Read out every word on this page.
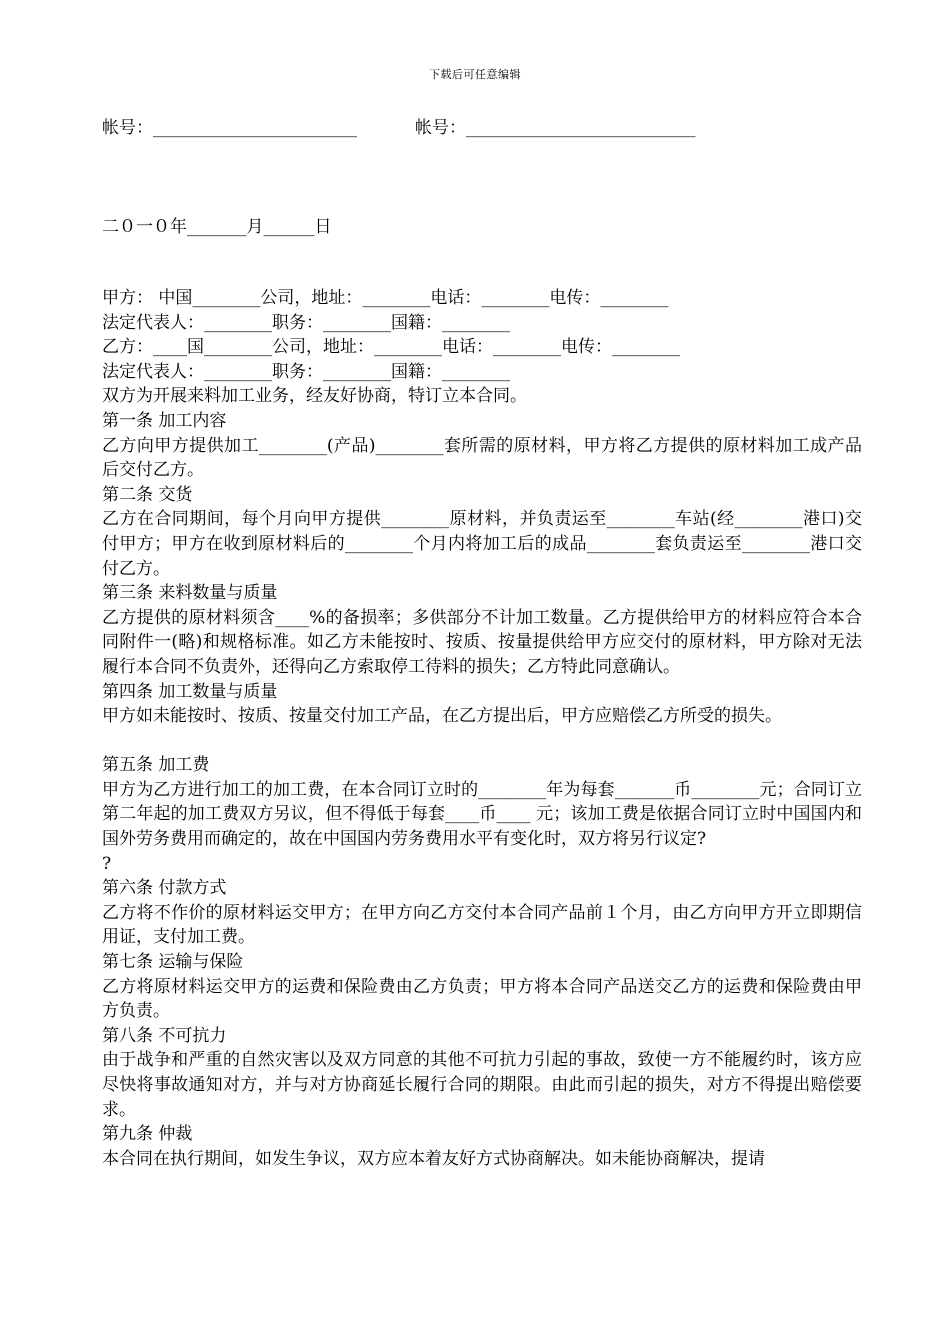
下载后可任意编辑
帐号：________________________	帐号：___________________________
二０一０年_______月______日

甲方： 中国________公司，地址：________电话：________电传：________

法定代表人：________职务：________国籍：________

乙方：____国________公司，地址：________电话：________电传：________

法定代表人：________职务：________国籍：________

双方为开展来料加工业务，经友好协商，特订立本合同。

第一条 加工内容

乙方向甲方提供加工________(产品)________套所需的原材料，甲方将乙方提供的原材料加工成产品后交付乙方。

第二条 交货

乙方在合同期间，每个月向甲方提供________原材料，并负责运至________车站(经________港口)交付甲方；甲方在收到原材料后的________个月内将加工后的成品________套负责运至________港口交付乙方。

第三条 来料数量与质量

乙方提供的原材料须含____%的备损率；多供部分不计加工数量。乙方提供给甲方的材料应符合本合同附件一(略)和规格标准。如乙方未能按时、按质、按量提供给甲方应交付的原材料，甲方除对无法履行本合同不负责外，还得向乙方索取停工待料的损失；乙方特此同意确认。

第四条 加工数量与质量

甲方如未能按时、按质、按量交付加工产品，在乙方提出后，甲方应赔偿乙方所受的损失。

第五条 加工费

甲方为乙方进行加工的加工费，在本合同订立时的________年为每套_______币________元；合同订立第二年起的加工费双方另议，但不得低于每套____币____ 元；该加工费是依据合同订立时中国国内和国外劳务费用而确定的，故在中国国内劳务费用水平有变化时，双方将另行议定?

?

第六条 付款方式

乙方将不作价的原材料运交甲方；在甲方向乙方交付本合同产品前１个月，由乙方向甲方开立即期信用证，支付加工费。

第七条 运输与保险

乙方将原材料运交甲方的运费和保险费由乙方负责；甲方将本合同产品送交乙方的运费和保险费由甲方负责。

第八条 不可抗力

由于战争和严重的自然灾害以及双方同意的其他不可抗力引起的事故，致使一方不能履约时，该方应尽快将事故通知对方，并与对方协商延长履行合同的期限。由此而引起的损失，对方不得提出赔偿要求。

第九条 仲裁

本合同在执行期间，如发生争议，双方应本着友好方式协商解决。如未能协商解决，提请
